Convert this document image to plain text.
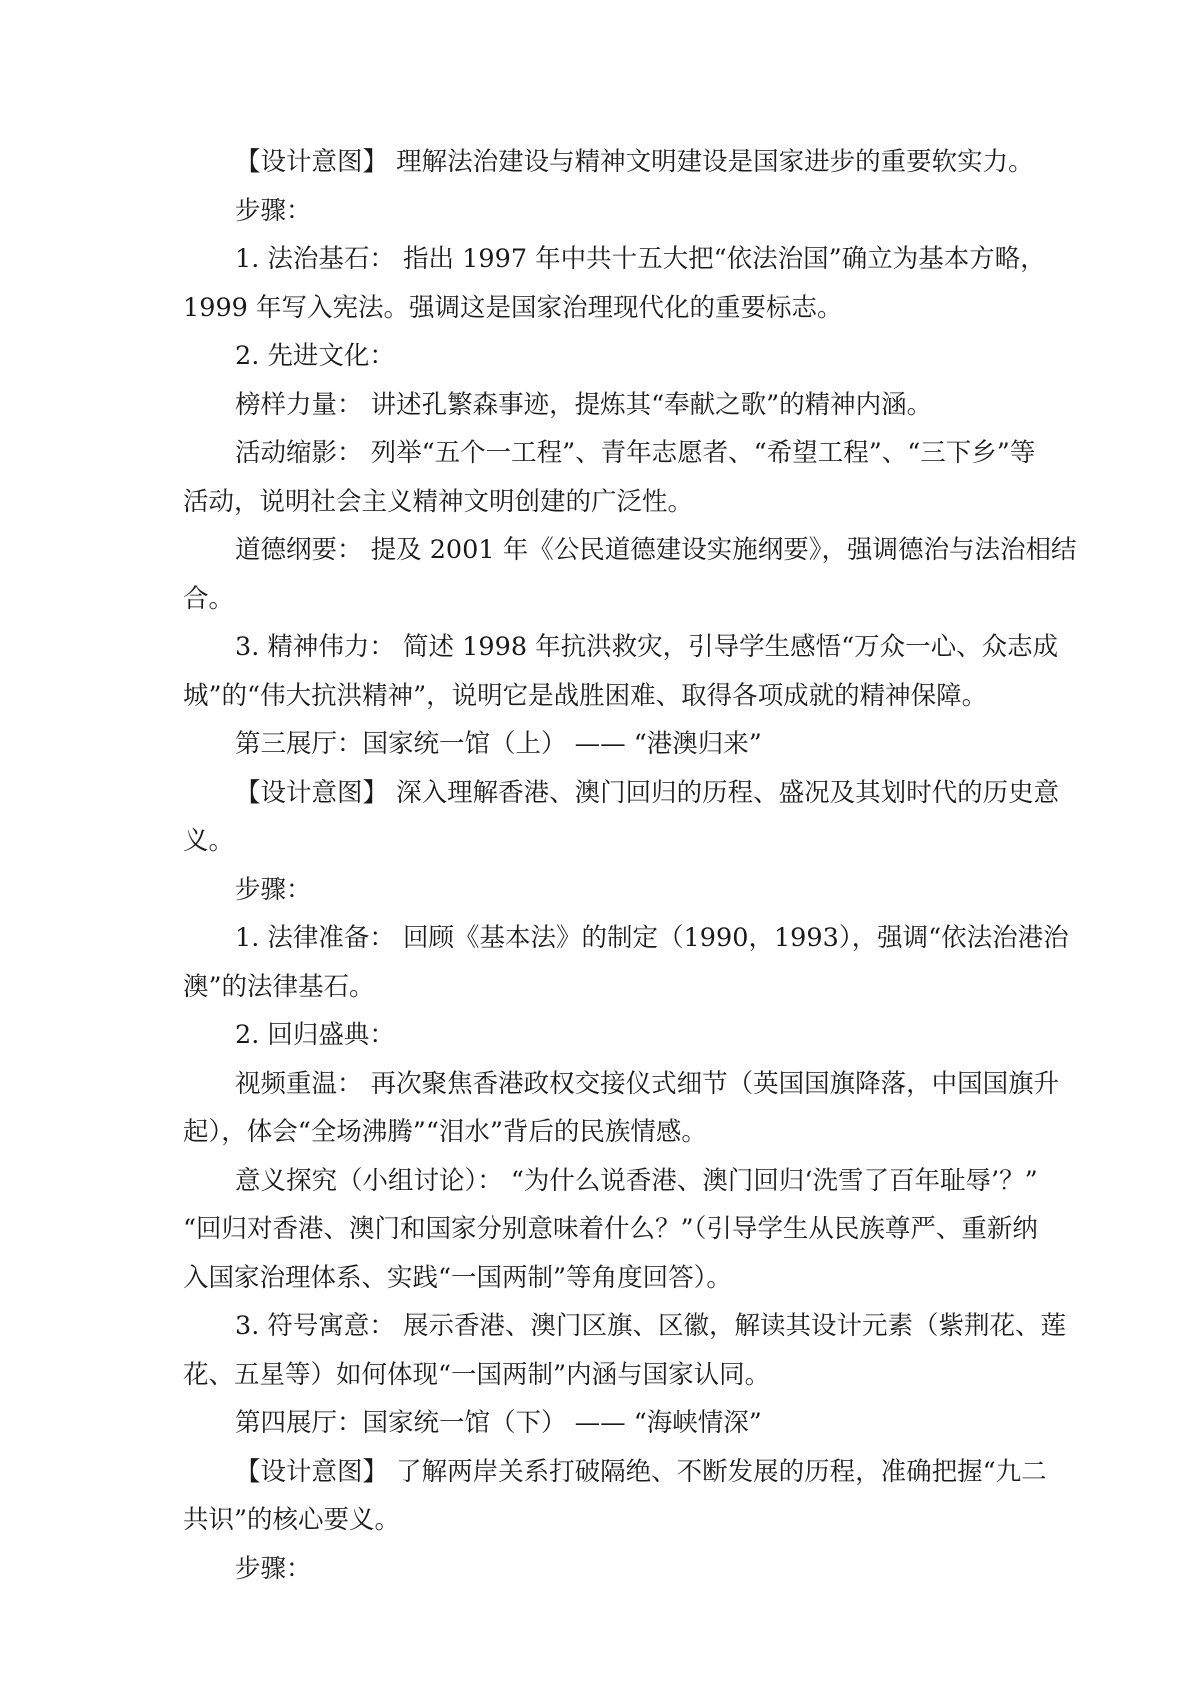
【设计意图】 理解法治建设与精神文明建设是国家进步的重要软实力。
步骤：
1. 法治基石： 指出 1997 年中共十五大把“依法治国”确立为基本方略，
1999 年写入宪法。强调这是国家治理现代化的重要标志。
2. 先进文化：
榜样力量： 讲述孔繁森事迹，提炼其“奉献之歌”的精神内涵。
活动缩影： 列举“五个一工程”、青年志愿者、“希望工程”、“三下乡”等
活动，说明社会主义精神文明创建的广泛性。
道德纲要： 提及 2001 年《公民道德建设实施纲要》，强调德治与法治相结
合。
3. 精神伟力： 简述 1998 年抗洪救灾，引导学生感悟“万众一心、众志成
城”的“伟大抗洪精神”，说明它是战胜困难、取得各项成就的精神保障。
第三展厅：国家统一馆（上） —— “港澳归来”
【设计意图】 深入理解香港、澳门回归的历程、盛况及其划时代的历史意
义。
步骤：
1. 法律准备： 回顾《基本法》的制定（1990，1993），强调“依法治港治
澳”的法律基石。
2. 回归盛典：
视频重温： 再次聚焦香港政权交接仪式细节（英国国旗降落，中国国旗升
起），体会“全场沸腾”“泪水”背后的民族情感。
意义探究（小组讨论）： “为什么说香港、澳门回归‘洗雪了百年耻辱’？”
“回归对香港、澳门和国家分别意味着什么？”（引导学生从民族尊严、重新纳
入国家治理体系、实践“一国两制”等角度回答）。
3. 符号寓意： 展示香港、澳门区旗、区徽，解读其设计元素（紫荆花、莲
花、五星等）如何体现“一国两制”内涵与国家认同。
第四展厅：国家统一馆（下） —— “海峡情深”
【设计意图】 了解两岸关系打破隔绝、不断发展的历程，准确把握“九二
共识”的核心要义。
步骤：
